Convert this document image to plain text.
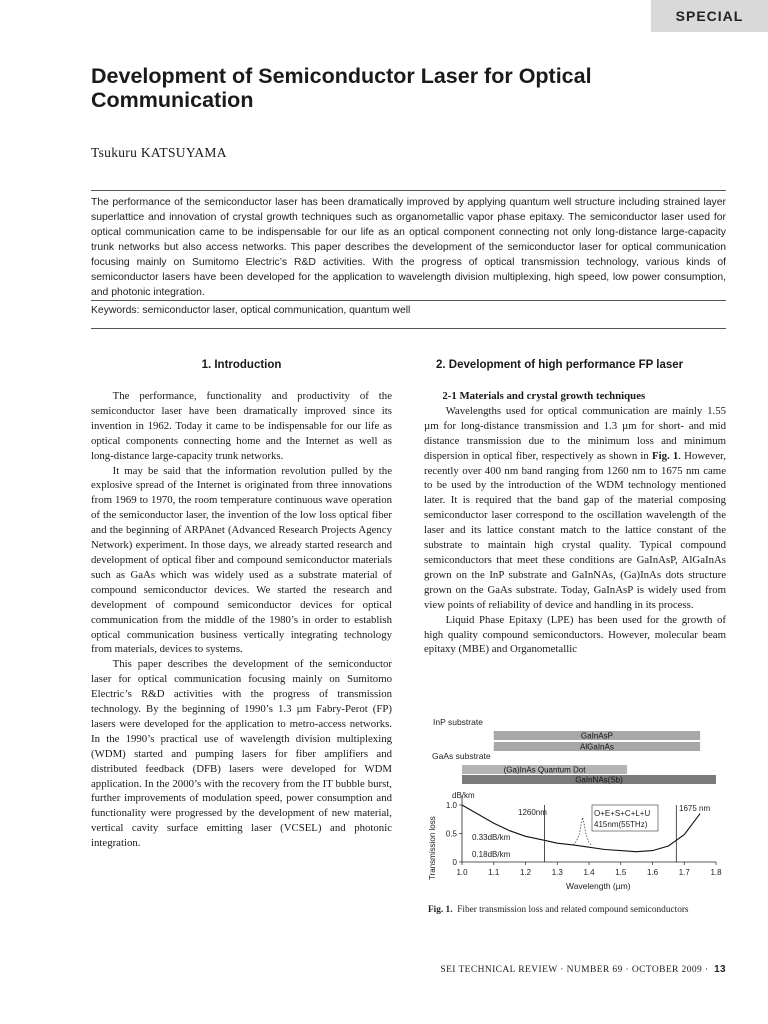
SPECIAL
Development of Semiconductor Laser for Optical Communication
Tsukuru KATSUYAMA
The performance of the semiconductor laser has been dramatically improved by applying quantum well structure including strained layer superlattice and innovation of crystal growth techniques such as organometallic vapor phase epitaxy. The semiconductor laser used for optical communication came to be indispensable for our life as an optical component connecting not only long-distance large-capacity trunk networks but also access networks. This paper describes the development of the semiconductor laser for optical communication focusing mainly on Sumitomo Electric’s R&D activities. With the progress of optical transmission technology, various kinds of semiconductor lasers have been developed for the application to wavelength division multiplexing, high speed, low power consumption, and photonic integration.
Keywords: semiconductor laser, optical communication, quantum well
1. Introduction

The performance, functionality and productivity of the semiconductor laser have been dramatically improved since its invention in 1962. Today it came to be indispensable for our life as optical components connecting home and the Internet as well as long-distance large-capacity trunk networks.

It may be said that the information revolution pulled by the explosive spread of the Internet is originated from three innovations from 1969 to 1970, the room temperature continuous wave operation of the semiconductor laser, the invention of the low loss optical fiber and the beginning of ARPAnet (Advanced Research Projects Agency Network) experiment. In those days, we already started research and development of optical fiber and compound semiconductor materials such as GaAs which was widely used as a substrate material of compound semiconductor devices. We started the research and development of compound semiconductor devices for optical communication from the middle of the 1980’s in order to establish optical communication business vertically integrating technology from materials, devices to systems.

This paper describes the development of the semiconductor laser for optical communication focusing mainly on Sumitomo Electric’s R&D activities with the progress of transmission technology. By the beginning of 1990’s 1.3 µm Fabry-Perot (FP) lasers were developed for the application to metro-access networks. In the 1990’s practical use of wavelength division multiplexing (WDM) started and pumping lasers for fiber amplifiers and distributed feedback (DFB) lasers were developed for WDM application. In the 2000’s with the recovery from the IT bubble burst, further improvements of modulation speed, power consumption and functionality were progressed by the development of new material, vertical cavity surface emitting laser (VCSEL) and photonic integration.

2. Development of high performance FP laser

2-1 Materials and crystal growth techniques

Wavelengths used for optical communication are mainly 1.55 µm for long-distance transmission and 1.3 µm for short- and mid distance transmission due to the minimum loss and minimum dispersion in optical fiber, respectively as shown in Fig. 1. However, recently over 400 nm band ranging from 1260 nm to 1675 nm came to be used by the introduction of the WDM technology mentioned later. It is required that the band gap of the material composing semiconductor laser correspond to the oscillation wavelength of the laser and its lattice constant match to the lattice constant of the substrate to maintain high crystal quality. Typical compound semiconductors that meet these conditions are GaInAsP, AlGaInAs grown on the InP substrate and GaInNAs, (Ga)InAs dots structure grown on the GaAs substrate. Today, GaInAsP is widely used from view points of reliability of device and handling in its process.

Liquid Phase Epitaxy (LPE) has been used for the growth of high quality compound semiconductors. However, molecular beam epitaxy (MBE) and Organometallic

InP substrate
GaAs substrate
GaInAsP
AlGaInAs
(Ga)InAs Quantum Dot
GaInNAs(Sb)
dB/km
Transmission loss
Wavelength (µm)
1.0	1.1	1.2	1.3	1.4	1.5	1.6	1.7	1.8
0
0.5
1.0
O+E+S+C+L+U
415nm(55THz)
1260nm	1675 nm
0.33dB/km
0.18dB/km
Fig. 1. Fiber transmission loss and related compound semiconductors
SEI TECHNICAL REVIEW · NUMBER 69 · OCTOBER 2009 · 13
